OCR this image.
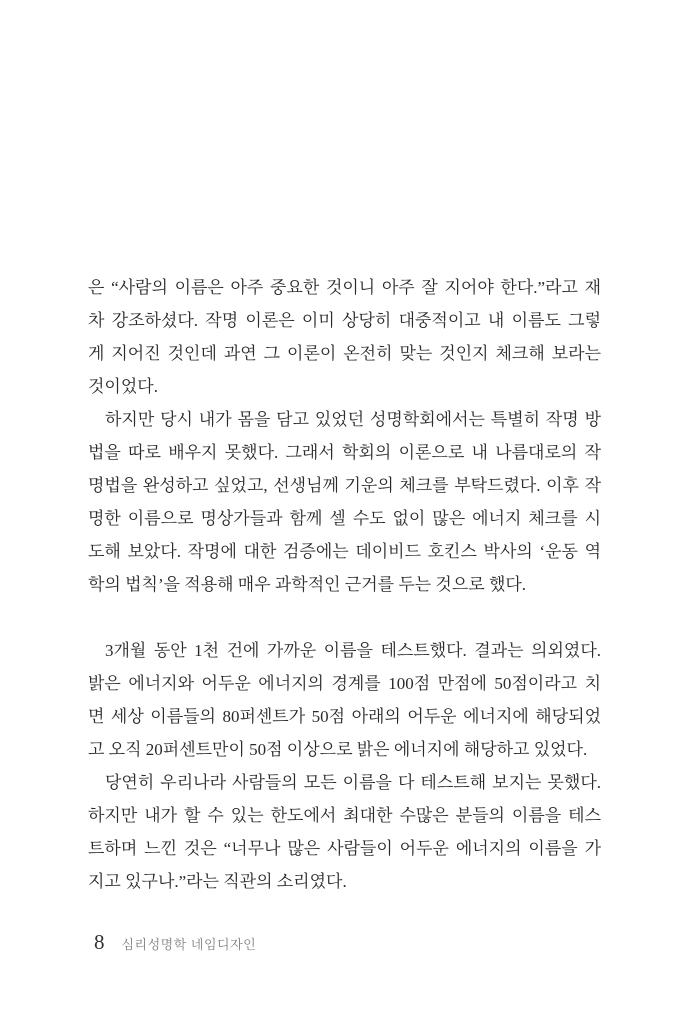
은 “사람의 이름은 아주 중요한 것이니 아주 잘 지어야 한다.”라고 재
차 강조하셨다. 작명 이론은 이미 상당히 대중적이고 내 이름도 그렇
게 지어진 것인데 과연 그 이론이 온전히 맞는 것인지 체크해 보라는
것이었다.
하지만 당시 내가 몸을 담고 있었던 성명학회에서는 특별히 작명 방
법을 따로 배우지 못했다. 그래서 학회의 이론으로 내 나름대로의 작
명법을 완성하고 싶었고, 선생님께 기운의 체크를 부탁드렸다. 이후 작
명한 이름으로 명상가들과 함께 셀 수도 없이 많은 에너지 체크를 시
도해 보았다. 작명에 대한 검증에는 데이비드 호킨스 박사의 ‘운동 역
학의 법칙’을 적용해 매우 과학적인 근거를 두는 것으로 했다.
3개월 동안 1천 건에 가까운 이름을 테스트했다. 결과는 의외였다.
밝은 에너지와 어두운 에너지의 경계를 100점 만점에 50점이라고 치
면 세상 이름들의 80퍼센트가 50점 아래의 어두운 에너지에 해당되었
고 오직 20퍼센트만이 50점 이상으로 밝은 에너지에 해당하고 있었다.
당연히 우리나라 사람들의 모든 이름을 다 테스트해 보지는 못했다.
하지만 내가 할 수 있는 한도에서 최대한 수많은 분들의 이름을 테스
트하며 느낀 것은 “너무나 많은 사람들이 어두운 에너지의 이름을 가
지고 있구나.”라는 직관의 소리였다.
8 심리성명학 네임디자인
